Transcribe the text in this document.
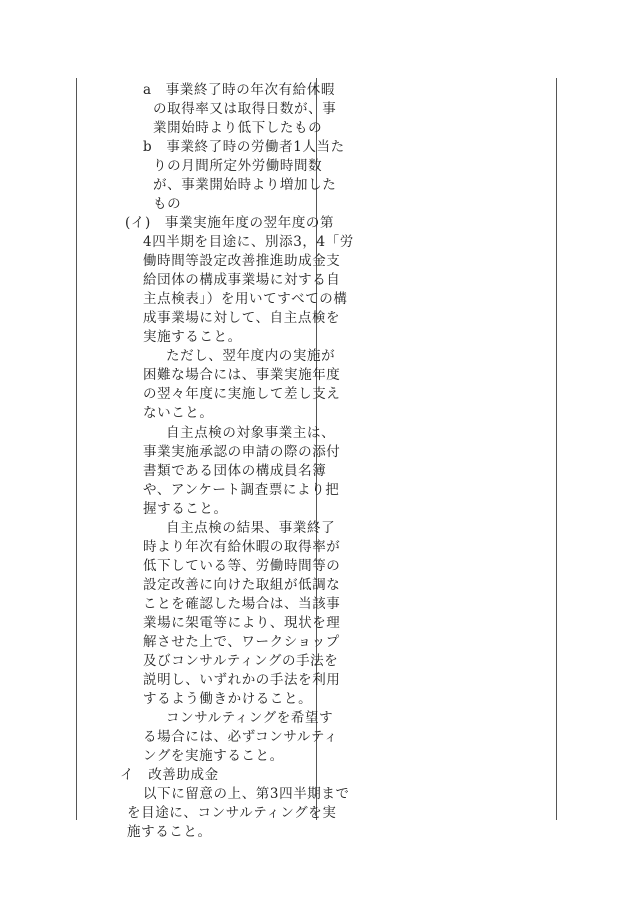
a　事業終了時の年次有給休暇
の取得率又は取得日数が、事
業開始時より低下したもの
b　事業終了時の労働者1人当た
りの月間所定外労働時間数
が、事業開始時より増加した
もの
(イ)　事業実施年度の翌年度の第
4四半期を目途に、別添3，4「労
働時間等設定改善推進助成金支
給団体の構成事業場に対する自
主点検表」）を用いてすべての構
成事業場に対して、自主点検を
実施すること。
ただし、翌年度内の実施が
困難な場合には、事業実施年度
の翌々年度に実施して差し支え
ないこと。
自主点検の対象事業主は、
事業実施承認の申請の際の添付
書類である団体の構成員名簿
や、アンケート調査票により把
握すること。
自主点検の結果、事業終了
時より年次有給休暇の取得率が
低下している等、労働時間等の
設定改善に向けた取組が低調な
ことを確認した場合は、当該事
業場に架電等により、現状を理
解させた上で、ワークショップ
及びコンサルティングの手法を
説明し、いずれかの手法を利用
するよう働きかけること。
コンサルティングを希望す
る場合には、必ずコンサルティ
ングを実施すること。
イ　改善助成金
以下に留意の上、第3四半期まで
を目途に、コンサルティングを実
施すること。
